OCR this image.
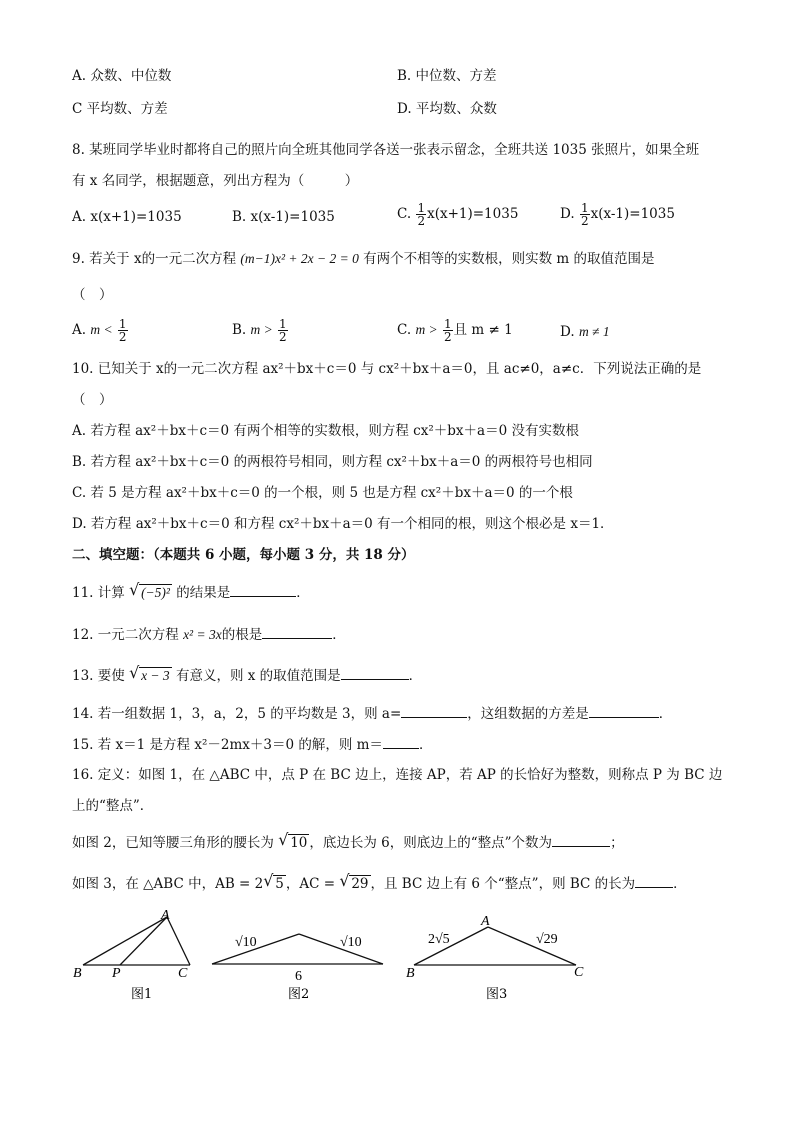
A. 众数、中位数	B. 中位数、方差
C 平均数、方差	D. 平均数、众数
8. 某班同学毕业时都将自己的照片向全班其他同学各送一张表示留念，全班共送 1035 张照片，如果全班
有 x 名同学，根据题意，列出方程为（　　　）
A. x(x+1)=1035	B. x(x-1)=1035	C. $\frac{1}{2} x(x+1)=1035$	D. $\frac{1}{2} x(x-1)=1035$
9. 若关于 x的一元二次方程 (m−1)x² + 2x − 2 = 0 有两个不相等的实数根，则实数 m 的取值范围是
（　）
A. $m < \frac{1}{2}$	B. $m > \frac{1}{2}$	C. $m > \frac{1}{2}$ 且 m ≠ 1	D. m ≠ 1
10. 已知关于 x的一元二次方程 ax²＋bx＋c＝0 与 cx²＋bx＋a＝0，且 ac≠0，a≠c．下列说法正确的是
（　）
A. 若方程 ax²＋bx＋c＝0 有两个相等的实数根，则方程 cx²＋bx＋a＝0 没有实数根
B. 若方程 ax²＋bx＋c＝0 的两根符号相同，则方程 cx²＋bx＋a＝0 的两根符号也相同
C. 若 5 是方程 ax²＋bx＋c＝0 的一个根，则 5 也是方程 cx²＋bx＋a＝0 的一个根
D. 若方程 ax²＋bx＋c＝0 和方程 cx²＋bx＋a＝0 有一个相同的根，则这个根必是 x＝1．
二、填空题：（本题共 6 小题，每小题 3 分，共 18 分）
11. 计算 √ (−5)² 的结果是	．
12. 一元二次方程 x² = 3x的根是	．
13. 要使 √ x − 3 有意义，则 x 的取值范围是	．
14. 若一组数据 1，3，a，2，5 的平均数是 3，则 a=	，这组数据的方差是	．
15. 若 x＝1 是方程 x²－2mx＋3＝0 的解，则 m＝	．
16. 定义：如图 1，在 △ABC 中，点 P 在 BC 边上，连接 AP，若 AP 的长恰好为整数，则称点 P 为 BC 边
上的“整点”．
如图 2，已知等腰三角形的腰长为 √ 10 ，底边长为 6，则底边上的“整点”个数为	；
如图 3，在 △ABC 中，AB = 2 √ 5 ，AC = √ 29 ，且 BC 边上有 6 个“整点”，则 BC 的长为	．
A
B P	C
图1
√10	√10
6
图2
A
B	C
2√5	√29
图3
